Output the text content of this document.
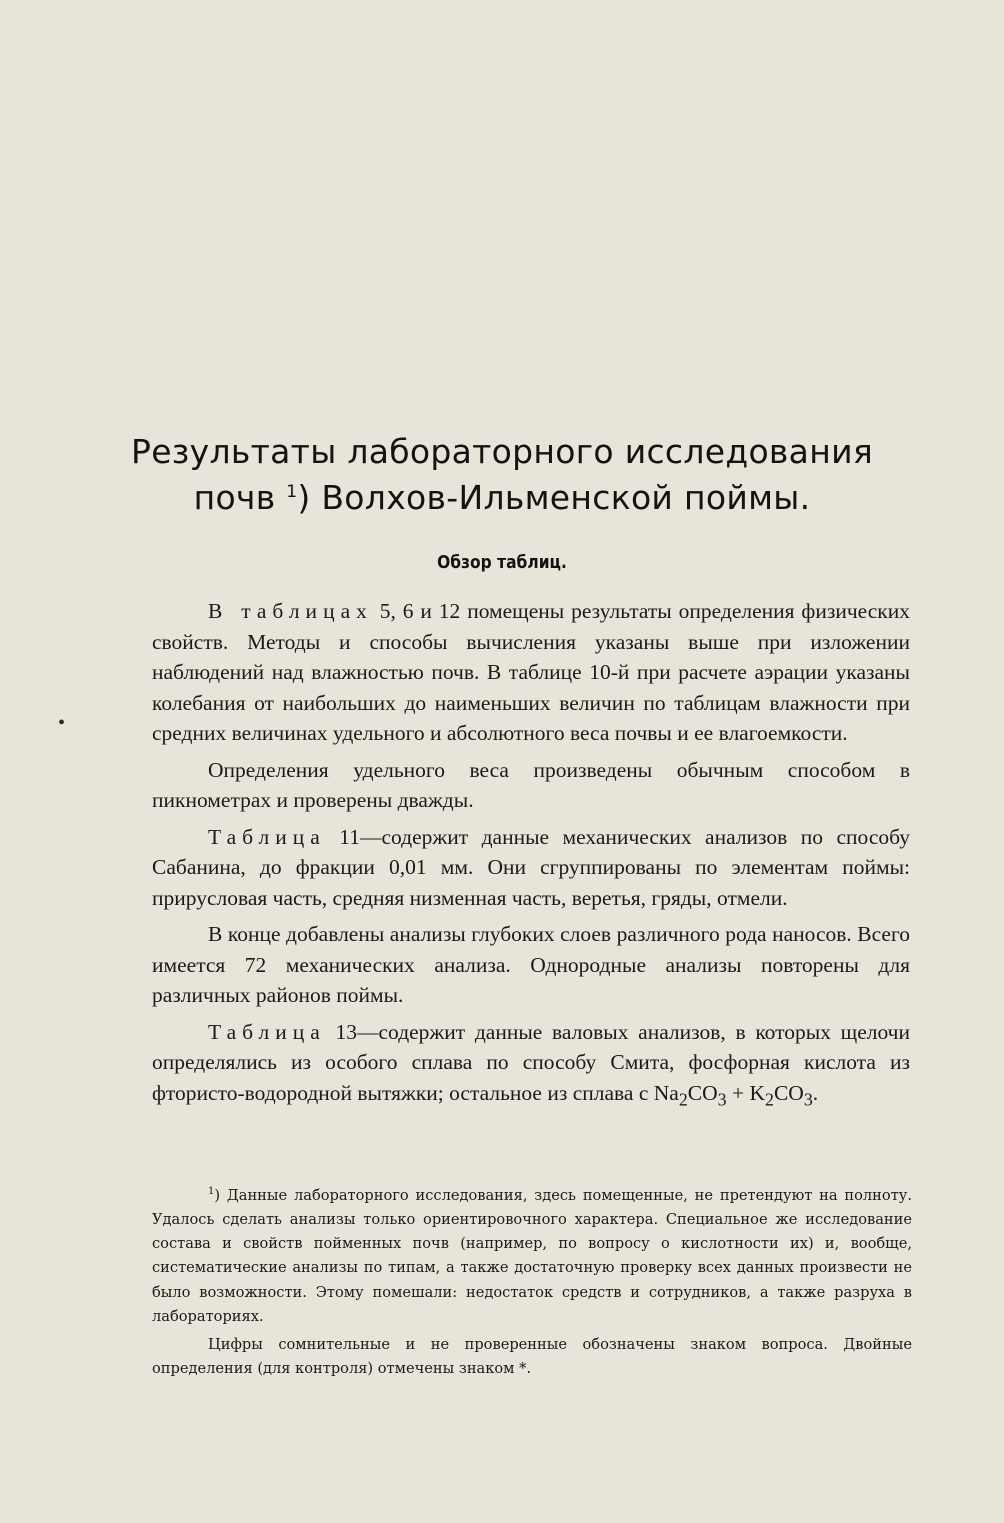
Результаты лабораторного исследования
почв $^1$) Волхов-Ильменской поймы.
Обзор таблиц.

В таблицах 5, 6 и 12 помещены результаты определения физических свойств. Методы и способы вычисления указаны выше при изложении наблюдений над влажностью почв. В таблице 10-й при расчете аэрации указаны колебания от наибольших до наименьших величин по таблицам влажности при средних величинах удельного и абсолютного веса почвы и ее влагоемкости.

Определения удельного веса произведены обычным способом в пикнометрах и проверены дважды.

Таблица 11—содержит данные механических анализов по способу Сабанина, до фракции 0,01 мм. Они сгруппированы по элементам поймы: прирусловая часть, средняя низменная часть, веретья, гряды, отмели.

В конце добавлены анализы глубоких слоев различного рода наносов. Всего имеется 72 механических анализа. Однородные анализы повторены для различных районов поймы.

Таблица 13—содержит данные валовых анализов, в которых щелочи определялись из особого сплава по способу Смита, фосфорная кислота из фтористо-водородной вытяжки; остальное из сплава с $Na_2CO_3 + K_2CO_3$.

$^1$) Данные лабораторного исследования, здесь помещенные, не претендуют на полноту. Удалось сделать анализы только ориентировочного характера. Специальное же исследование состава и свойств пойменных почв (например, по вопросу о кислотности их) и, вообще, систематические анализы по типам, а также достаточную проверку всех данных произвести не было возможности. Этому помешали: недостаток средств и сотрудников, а также разруха в лабораториях.

Цифры сомнительные и не проверенные обозначены знаком вопроса. Двойные определения (для контроля) отмечены знаком *.

•
